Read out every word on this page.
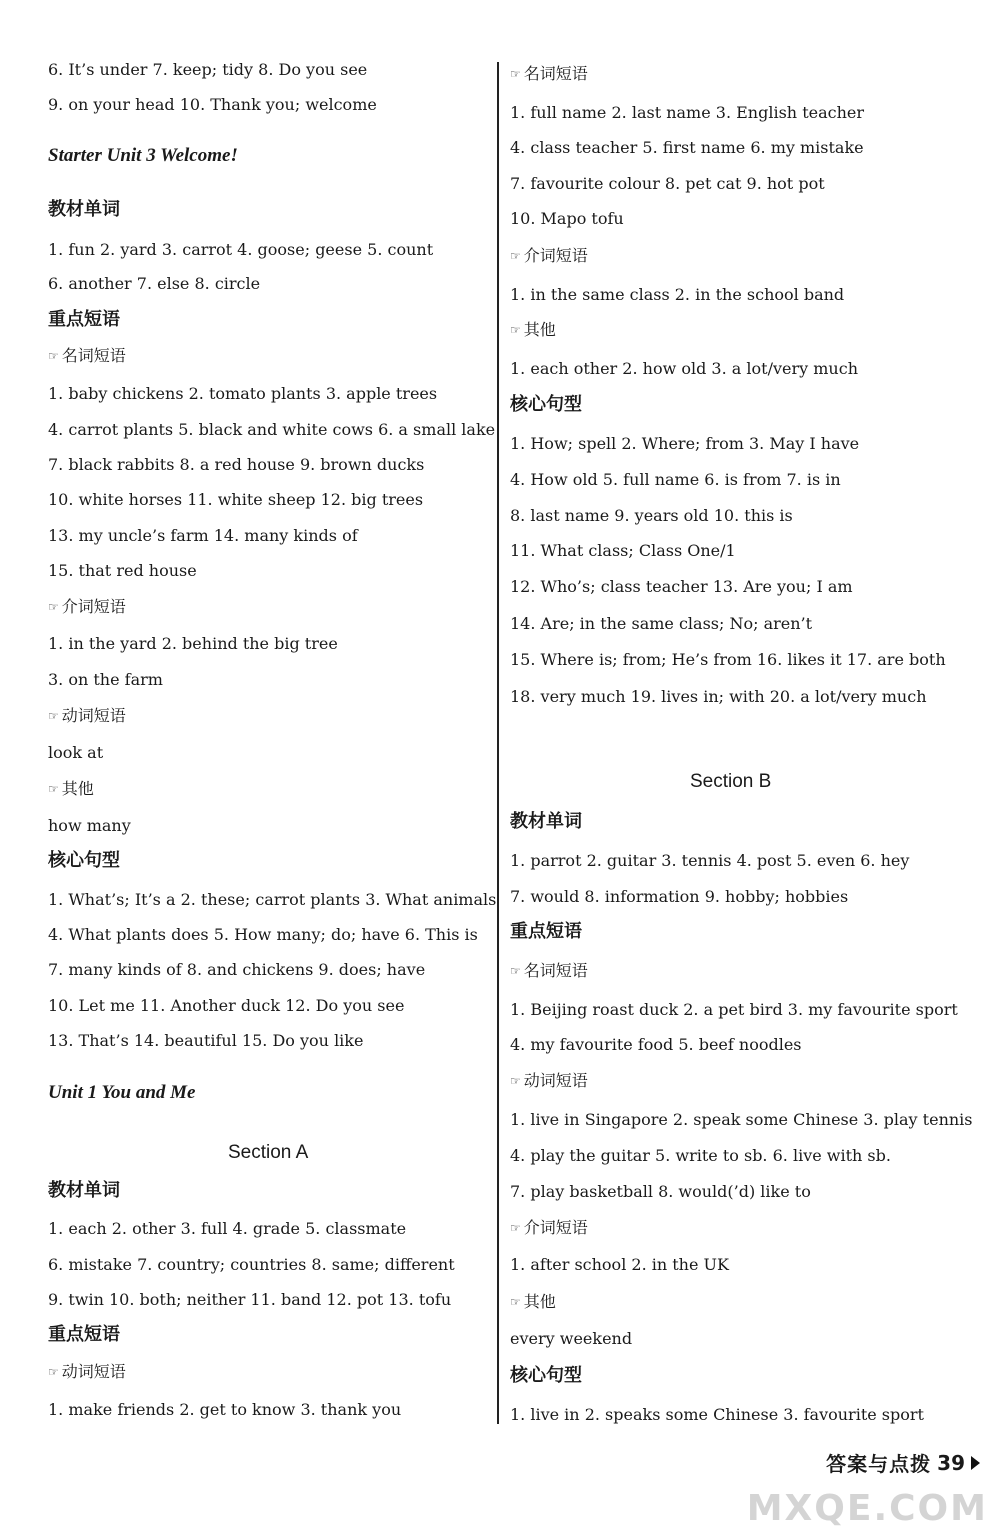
6. It’s under 7. keep; tidy 8. Do you see
9. on your head 10. Thank you; welcome
Starter Unit 3 Welcome!
教材单词
1. fun 2. yard 3. carrot 4. goose; geese 5. count
6. another 7. else 8. circle
重点短语
☞ 名词短语
1. baby chickens 2. tomato plants 3. apple trees
4. carrot plants 5. black and white cows 6. a small lake
7. black rabbits 8. a red house 9. brown ducks
10. white horses 11. white sheep 12. big trees
13. my uncle’s farm 14. many kinds of
15. that red house
☞ 介词短语
1. in the yard 2. behind the big tree
3. on the farm
☞ 动词短语
look at
☞ 其他
how many
核心句型
1. What’s; It’s a 2. these; carrot plants 3. What animals
4. What plants does 5. How many; do; have 6. This is
7. many kinds of 8. and chickens 9. does; have
10. Let me 11. Another duck 12. Do you see
13. That’s 14. beautiful 15. Do you like
Unit 1 You and Me
Section A
教材单词
1. each 2. other 3. full 4. grade 5. classmate
6. mistake 7. country; countries 8. same; different
9. twin 10. both; neither 11. band 12. pot 13. tofu
重点短语
☞ 动词短语
1. make friends 2. get to know 3. thank you
☞ 名词短语
1. full name 2. last name 3. English teacher
4. class teacher 5. first name 6. my mistake
7. favourite colour 8. pet cat 9. hot pot
10. Mapo tofu
☞ 介词短语
1. in the same class 2. in the school band
☞ 其他
1. each other 2. how old 3. a lot/very much
核心句型
1. How; spell 2. Where; from 3. May I have
4. How old 5. full name 6. is from 7. is in
8. last name 9. years old 10. this is
11. What class; Class One/1
12. Who’s; class teacher 13. Are you; I am
14. Are; in the same class; No; aren’t
15. Where is; from; He’s from 16. likes it 17. are both
18. very much 19. lives in; with 20. a lot/very much
Section B
教材单词
1. parrot 2. guitar 3. tennis 4. post 5. even 6. hey
7. would 8. information 9. hobby; hobbies
重点短语
☞ 名词短语
1. Beijing roast duck 2. a pet bird 3. my favourite sport
4. my favourite food 5. beef noodles
☞ 动词短语
1. live in Singapore 2. speak some Chinese 3. play tennis
4. play the guitar 5. write to sb. 6. live with sb.
7. play basketball 8. would(’d) like to
☞ 介词短语
1. after school 2. in the UK
☞ 其他
every weekend
核心句型
1. live in 2. speaks some Chinese 3. favourite sport
答案与点拨 39
MXQE.COM
